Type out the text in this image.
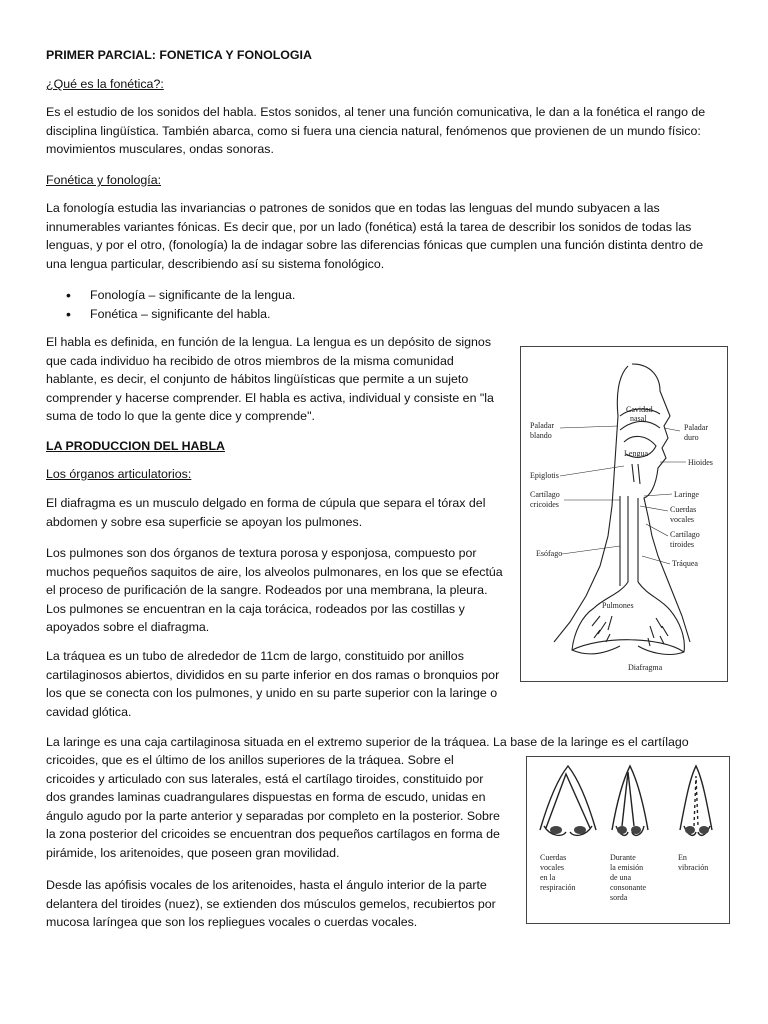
PRIMER PARCIAL: FONETICA Y FONOLOGIA

¿Qué es la fonética?:

Es el estudio de los sonidos del habla. Estos sonidos, al tener una función comunicativa, le dan a la fonética el rango de disciplina lingüística. También abarca, como si fuera una ciencia natural, fenómenos que provienen de un mundo físico: movimientos musculares, ondas sonoras.

Fonética y fonología:

La fonología estudia las invariancias o patrones de sonidos que en todas las lenguas del mundo subyacen a las innumerables variantes fónicas. Es decir que, por un lado (fonética) está la tarea de describir los sonidos de todas las lenguas, y por el otro, (fonología) la de indagar sobre las diferencias fónicas que cumplen una función distinta dentro de una lengua particular, describiendo así su sistema fonológico.

• Fonología – significante de la lengua.
• Fonética – significante del habla.

El habla es definida, en función de la lengua. La lengua es un depósito de signos que cada individuo ha recibido de otros miembros de la misma comunidad hablante, es decir, el conjunto de hábitos lingüísticas que permite a un sujeto comprender y hacerse comprender. El habla es activa, individual y consiste en "la suma de todo lo que la gente dice y comprende".

LA PRODUCCION DEL HABLA

Los órganos articulatorios:

El diafragma es un musculo delgado en forma de cúpula que separa el tórax del abdomen y sobre esa superficie se apoyan los pulmones.

Los pulmones son dos órganos de textura porosa y esponjosa, compuesto por muchos pequeños saquitos de aire, los alveolos pulmonares, en los que se efectúa el proceso de purificación de la sangre. Rodeados por una membrana, la pleura. Los pulmones se encuentran en la caja torácica, rodeados por las costillas y apoyados sobre el diafragma.

La tráquea es un tubo de alrededor de 11cm de largo, constituido por anillos cartilaginosos abiertos, divididos en su parte inferior en dos ramas o bronquios por los que se conecta con los pulmones, y unido en su parte superior con la laringe o cavidad glótica.

La laringe es una caja cartilaginosa situada en el extremo superior de la tráquea. La base de la laringe es el cartílago

cricoides, que es el último de los anillos superiores de la tráquea. Sobre el cricoides y articulado con sus laterales, está el cartílago tiroides, constituido por dos grandes laminas cuadrangulares dispuestas en forma de escudo, unidas en ángulo agudo por la parte anterior y separadas por completo en la posterior. Sobre la zona posterior del cricoides se encuentran dos pequeños cartílagos en forma de pirámide, los aritenoides, que poseen gran movilidad.

Desde las apófisis vocales de los aritenoides, hasta el ángulo interior de la parte delantera del tiroides (nuez), se extienden dos músculos gemelos, recubiertos por mucosa laríngea que son los repliegues vocales o cuerdas vocales.

Cavidad
nasal
Paladar
blando
Paladar
duro
Lengua
Hioides
Epiglotis
Cartílago
cricoides
Laringe
Cuerdas
vocales
Cartílago
tiroides
Esófago
Tráquea
Pulmones
Diafragma
Cuerdas
vocales
en la
respiración
Durante
la emisión
de una
consonante
sorda
En
vibración
